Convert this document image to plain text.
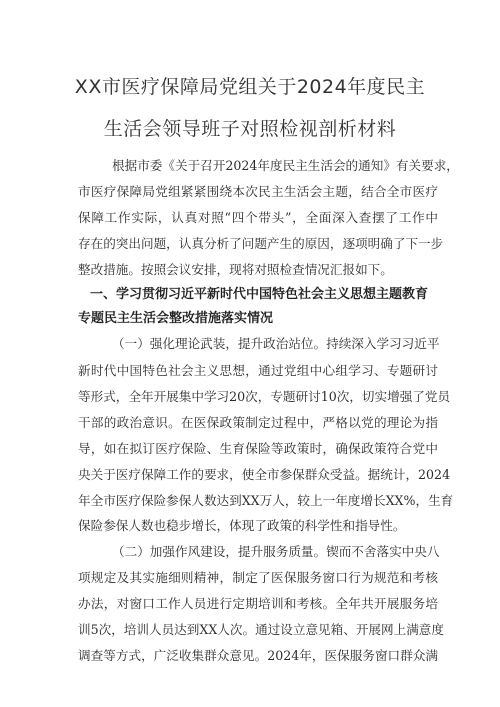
XX市医疗保障局党组关于2024年度民主
生活会领导班子对照检视剖析材料
根据市委《关于召开2024年度民主生活会的通知》有关要求，
市医疗保障局党组紧紧围绕本次民主生活会主题，结合全市医疗
保障工作实际，认真对照“四个带头”，全面深入查摆了工作中
存在的突出问题，认真分析了问题产生的原因，逐项明确了下一步
整改措施。按照会议安排，现将对照检查情况汇报如下。
一、学习贯彻习近平新时代中国特色社会主义思想主题教育
专题民主生活会整改措施落实情况
（一）强化理论武装，提升政治站位。持续深入学习习近平
新时代中国特色社会主义思想，通过党组中心组学习、专题研讨
等形式，全年开展集中学习20次，专题研讨10次，切实增强了党员
干部的政治意识。在医保政策制定过程中，严格以党的理论为指
导，如在拟订医疗保险、生育保险等政策时，确保政策符合党中
央关于医疗保障工作的要求，使全市参保群众受益。据统计，2024
年全市医疗保险参保人数达到XX万人，较上一年度增长XX%，生育
保险参保人数也稳步增长，体现了政策的科学性和指导性。
（二）加强作风建设，提升服务质量。锲而不舍落实中央八
项规定及其实施细则精神，制定了医保服务窗口行为规范和考核
办法，对窗口工作人员进行定期培训和考核。全年共开展服务培
训5次，培训人员达到XX人次。通过设立意见箱、开展网上满意度
调查等方式，广泛收集群众意见。2024年，医保服务窗口群众满
